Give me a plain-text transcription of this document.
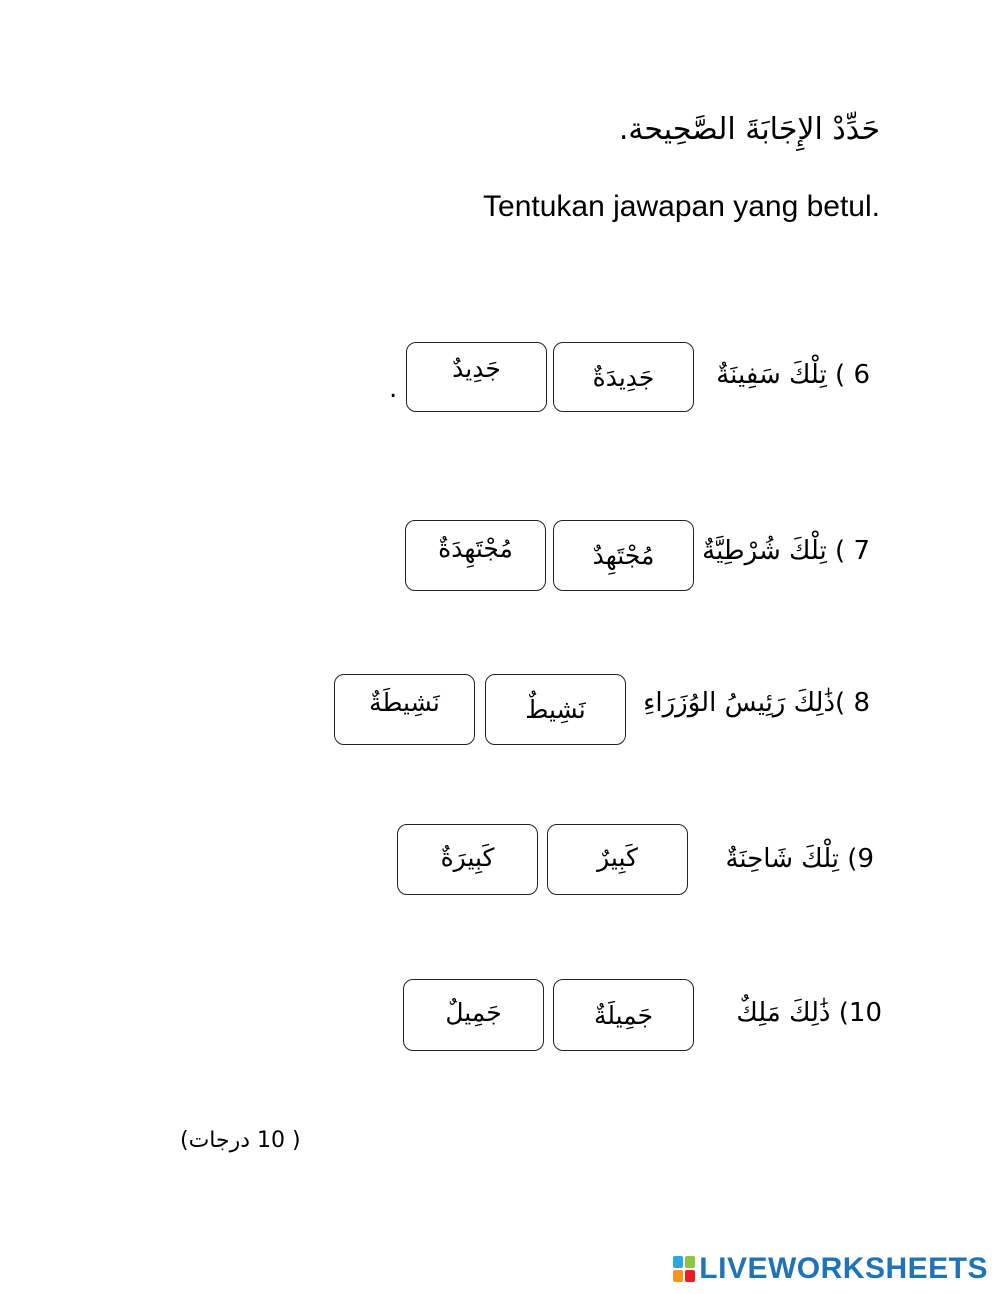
حَدِّدْ الإِجَابَةَ الصَّحِيحة.
Tentukan jawapan yang betul.
6 ) تِلْكَ سَفِينَةٌ
جَدِيدَةٌ
جَدِيدٌ
.
7 ) تِلْكَ شُرْطِيَّةٌ
مُجْتَهِدٌ
مُجْتَهِدَةٌ
8 )ذَٰلِكَ رَئِيسُ الوُزَرَاءِ
نَشِيطٌ
نَشِيطَةٌ
9) تِلْكَ شَاحِنَةٌ
كَبِيرٌ
كَبِيرَةٌ
10) ذَٰلِكَ مَلِكٌ
جَمِيلَةٌ
جَمِيلٌ
( 10 درجات)
LIVEWORKSHEETS
